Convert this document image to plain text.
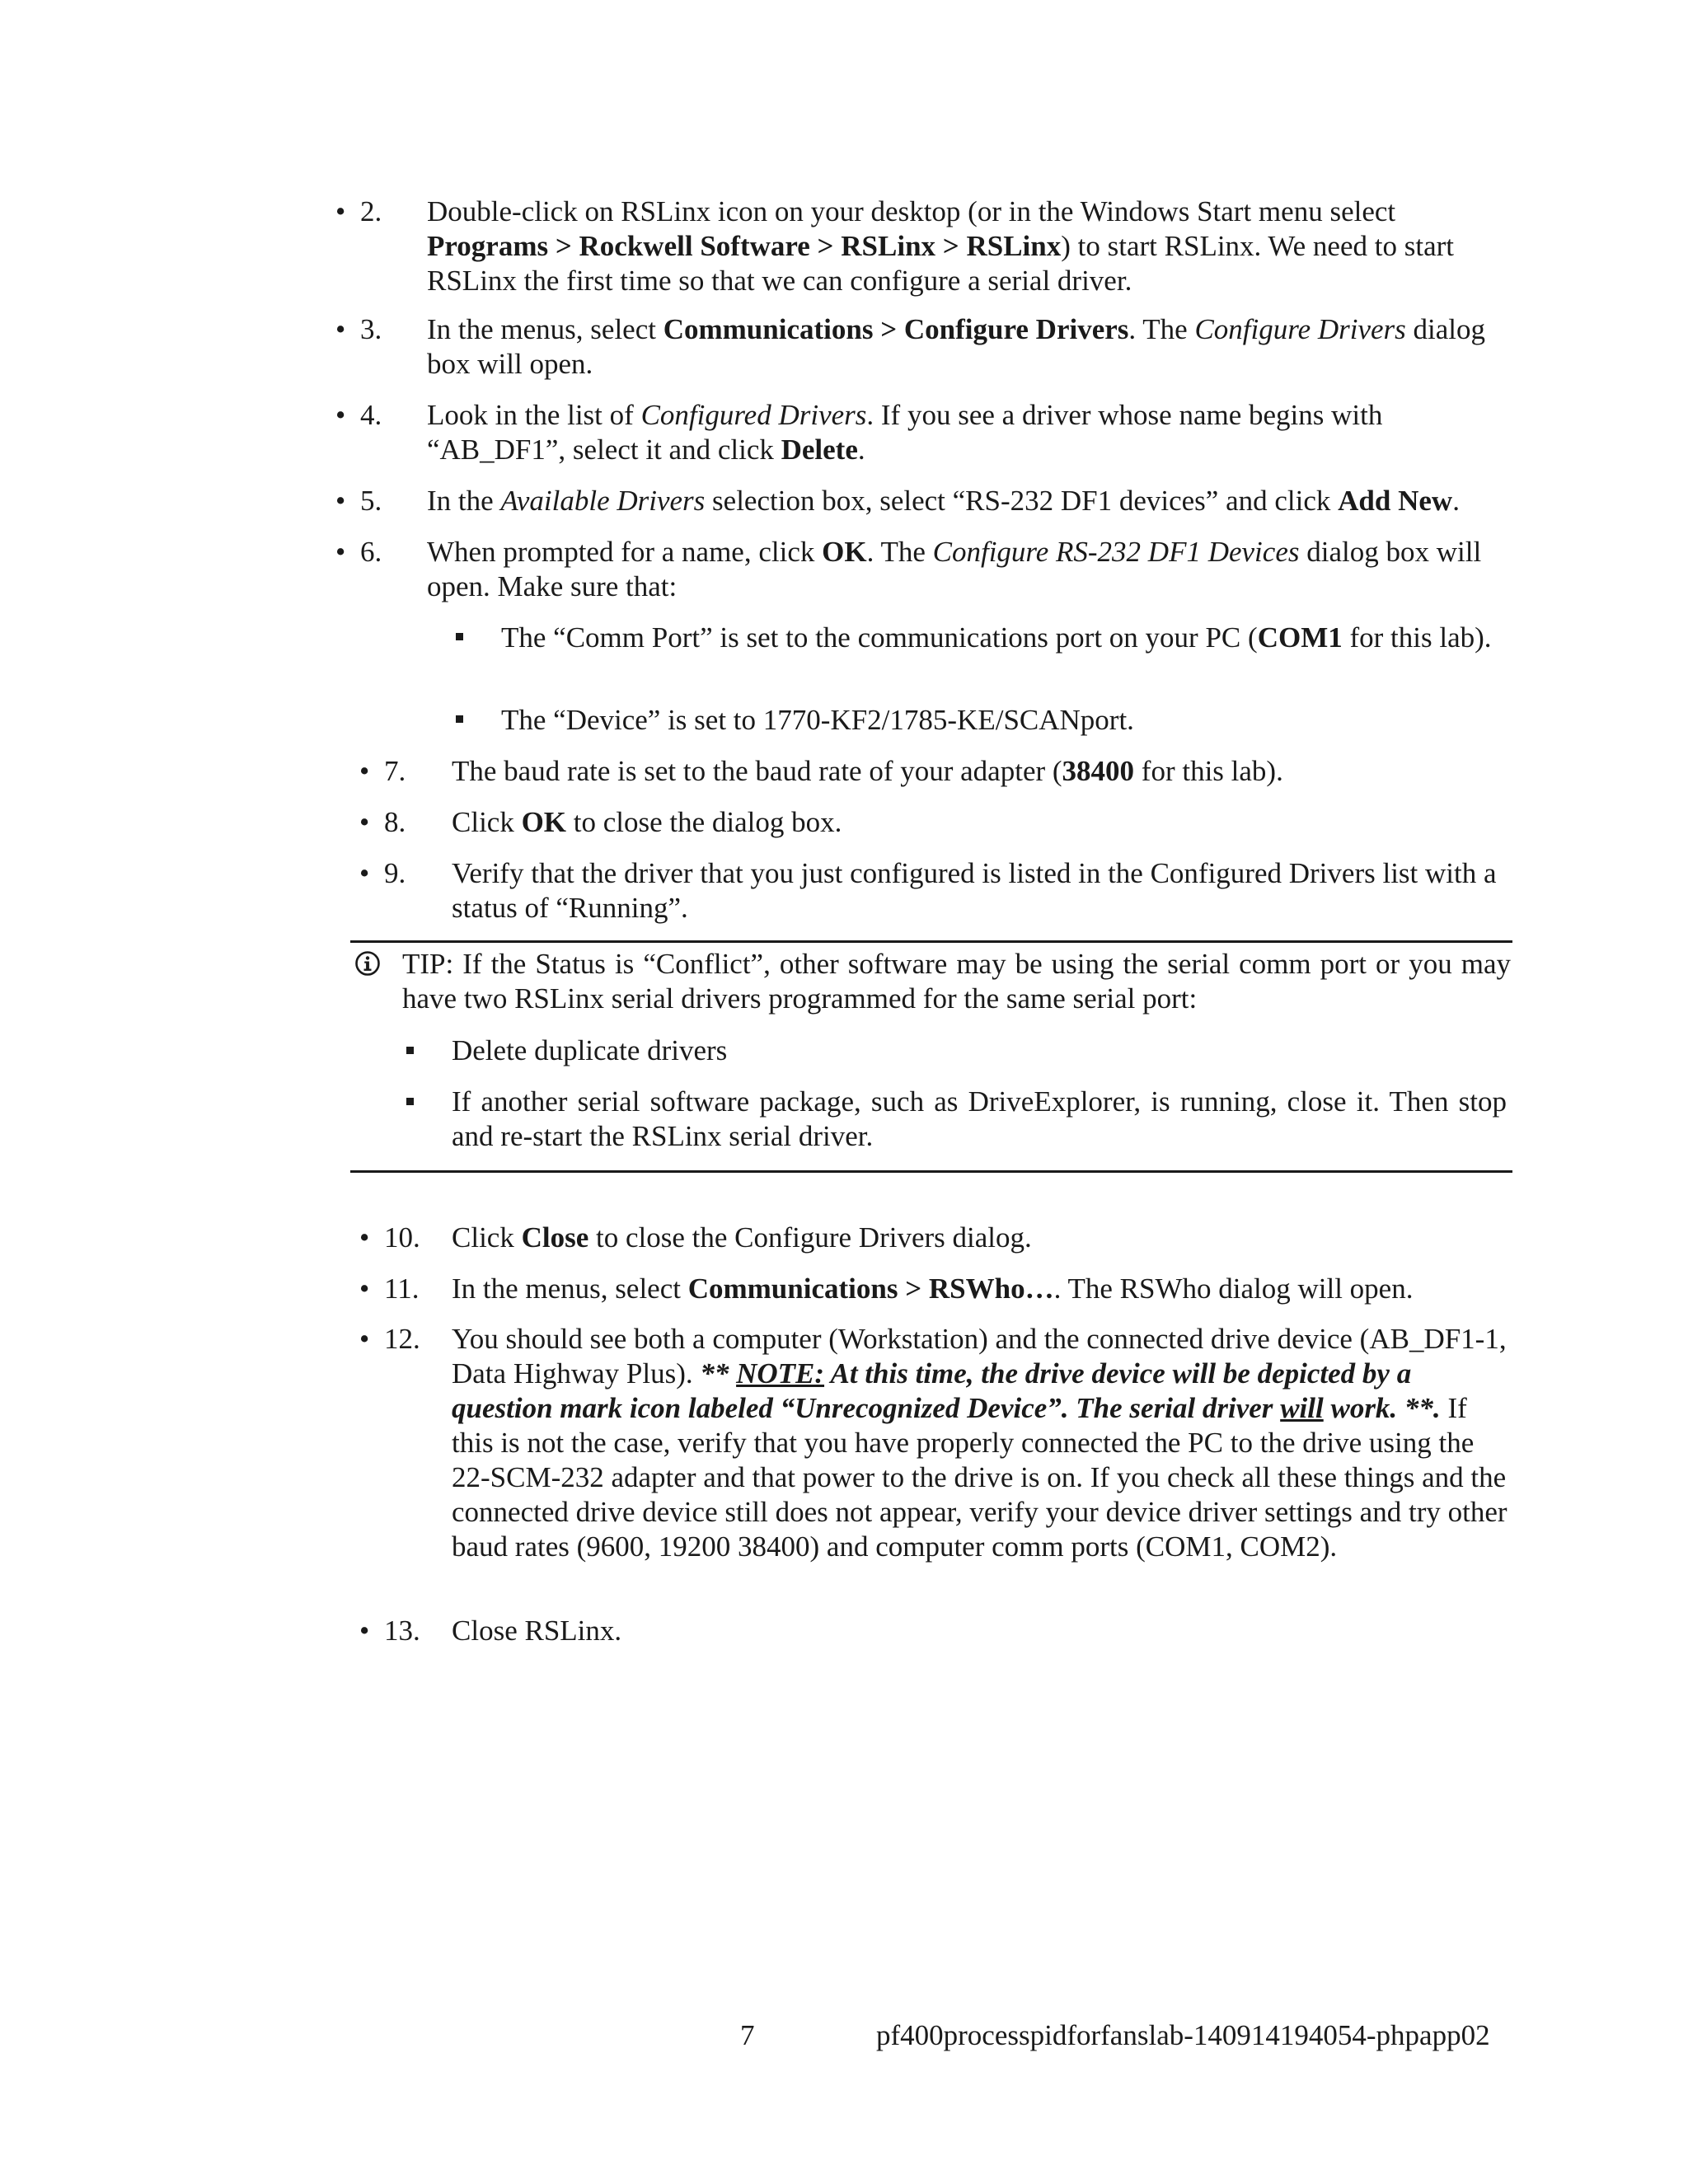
• 2. Double-click on RSLinx icon on your desktop (or in the Windows Start menu select Programs > Rockwell Software > RSLinx > RSLinx) to start RSLinx. We need to start RSLinx the first time so that we can configure a serial driver.

• 3. In the menus, select Communications > Configure Drivers. The Configure Drivers dialog box will open.

• 4. Look in the list of Configured Drivers. If you see a driver whose name begins with “AB_DF1”, select it and click Delete.

• 5. In the Available Drivers selection box, select “RS-232 DF1 devices” and click Add New.

• 6. When prompted for a name, click OK. The Configure RS-232 DF1 Devices dialog box will open. Make sure that:

The “Comm Port” is set to the communications port on your PC (COM1 for this lab).
The “Device” is set to 1770-KF2/1785-KE/SCANport.
• 7. The baud rate is set to the baud rate of your adapter (38400 for this lab).

• 8. Click OK to close the dialog box.

• 9. Verify that the driver that you just configured is listed in the Configured Drivers list with a status of “Running”.

TIP: If the Status is “Conflict”, other software may be using the serial comm port or you may have two RSLinx serial drivers programmed for the same serial port:
Delete duplicate drivers
If another serial software package, such as DriveExplorer, is running, close it. Then stop and re-start the RSLinx serial driver.
• 10. Click Close to close the Configure Drivers dialog.

• 11. In the menus, select Communications > RSWho…. The RSWho dialog will open.

• 12. You should see both a computer (Workstation) and the connected drive device (AB_DF1-1, Data Highway Plus). ** NOTE: At this time, the drive device will be depicted by a question mark icon labeled “Unrecognized Device”. The serial driver will work. **. If this is not the case, verify that you have properly connected the PC to the drive using the 22-SCM-232 adapter and that power to the drive is on. If you check all these things and the connected drive device still does not appear, verify your device driver settings and try other baud rates (9600, 19200 38400) and computer comm ports (COM1, COM2).

• 13. Close RSLinx.

7	pf400processpidforfanslab-140914194054-phpapp02
